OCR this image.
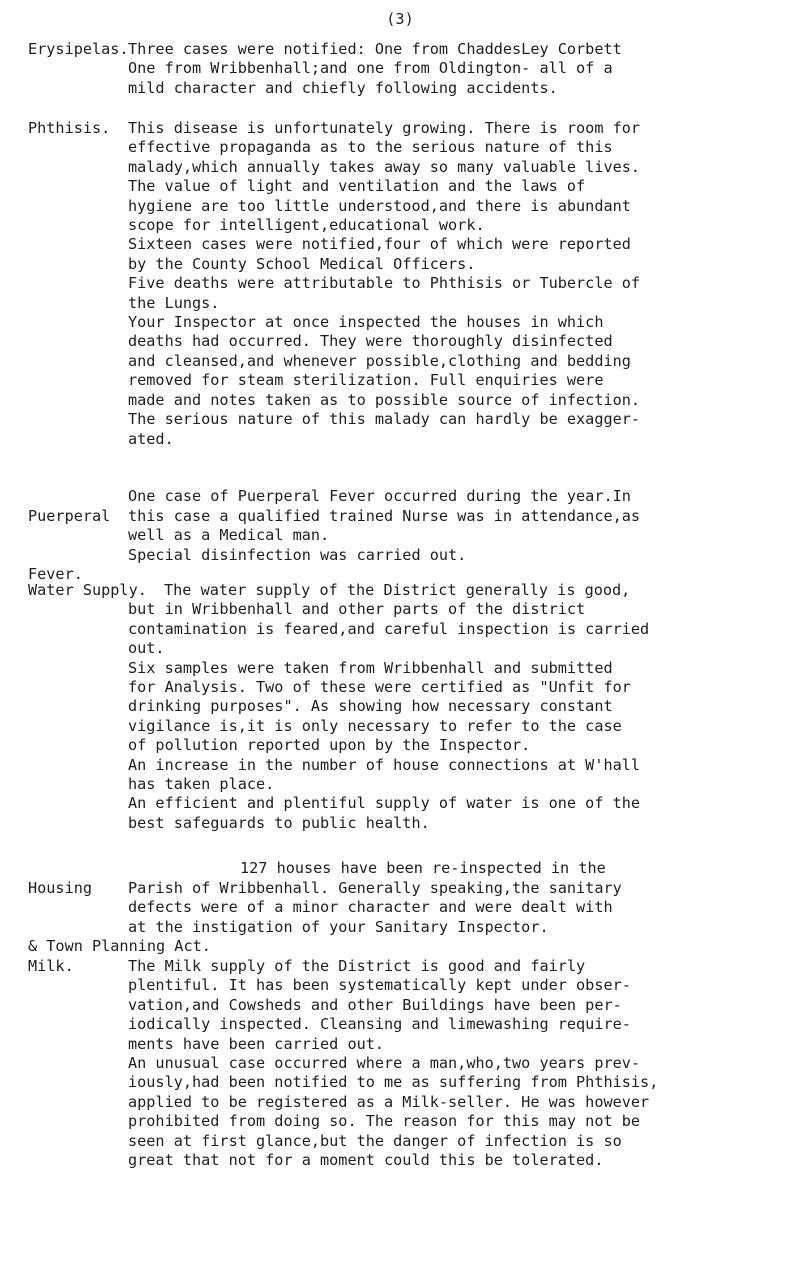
(3)
Erysipelas. Three cases were notified: One from ChaddesLey Corbett
One from Wribbenhall;and one from Oldington- all of a
mild character and chiefly following accidents.
Phthisis. This disease is unfortunately growing. There is room for
effective propaganda as to the serious nature of this
malady,which annually takes away so many valuable lives.
The value of light and ventilation and the laws of
hygiene are too little understood,and there is abundant
scope for intelligent,educational work.
Sixteen cases were notified,four of which were reported
by the County School Medical Officers.
Five deaths were attributable to Phthisis or Tubercle of
the Lungs.
Your Inspector at once inspected the houses in which
deaths had occurred. They were thoroughly disinfected
and cleansed,and whenever possible,clothing and bedding
removed for steam sterilization. Full enquiries were
made and notes taken as to possible source of infection.
The serious nature of this malady can hardly be exagger-
ated.

Puerperal

Fever.

One case of Puerperal Fever occurred during the year.In
this case a qualified trained Nurse was in attendance,as
well as a Medical man.
Special disinfection was carried out.
Water Supply.	The water supply of the District generally is good,
but in Wribbenhall and other parts of the district
contamination is feared,and careful inspection is carried
out.
Six samples were taken from Wribbenhall and submitted
for Analysis. Two of these were certified as "Unfit for
drinking purposes". As showing how necessary constant
vigilance is,it is only necessary to refer to the case
of pollution reported upon by the Inspector.
An increase in the number of house connections at W'hall
has taken place.
An efficient and plentiful supply of water is one of the
best safeguards to public health.

Housing

& Town Planning Act.

127 houses have been re-inspected in the
Parish of Wribbenhall. Generally speaking,the sanitary
defects were of a minor character and were dealt with
at the instigation of your Sanitary Inspector.
Milk.	The Milk supply of the District is good and fairly
plentiful. It has been systematically kept under obser-
vation,and Cowsheds and other Buildings have been per-
iodically inspected. Cleansing and limewashing require-
ments have been carried out.
An unusual case occurred where a man,who,two years prev-
iously,had been notified to me as suffering from Phthisis,
applied to be registered as a Milk-seller. He was however
prohibited from doing so. The reason for this may not be
seen at first glance,but the danger of infection is so
great that not for a moment could this be tolerated.
